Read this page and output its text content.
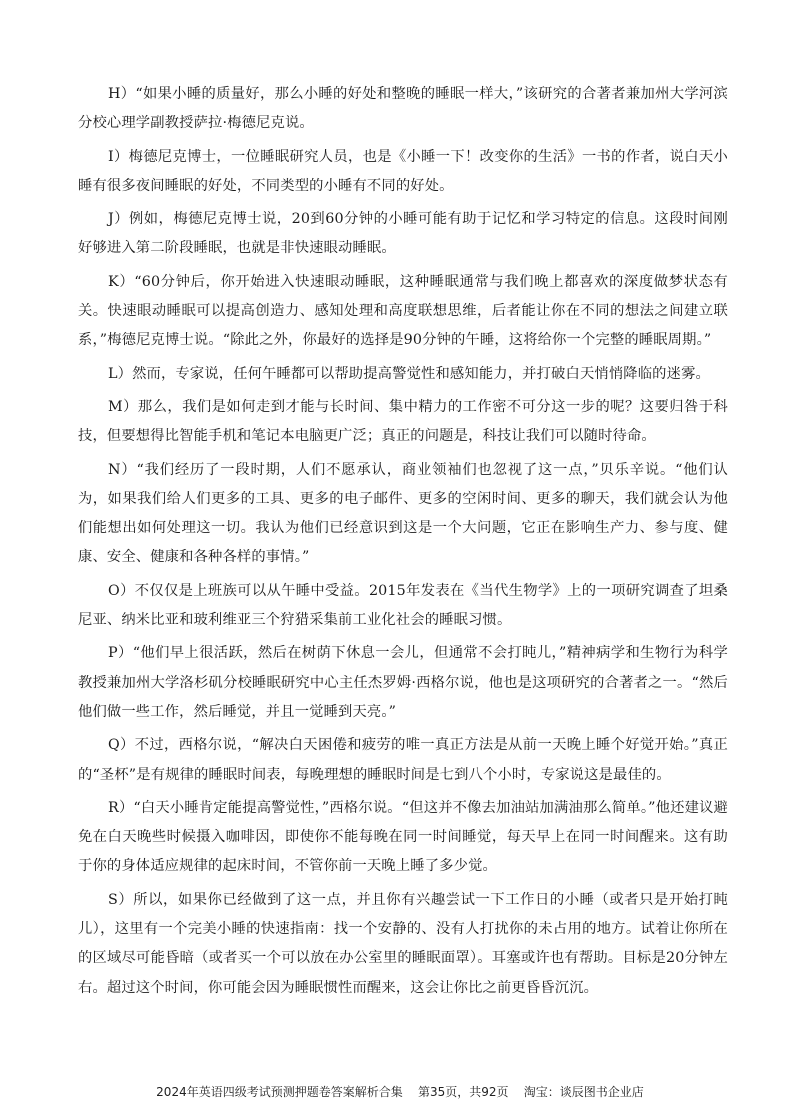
H）“如果小睡的质量好，那么小睡的好处和整晚的睡眠一样大，”该研究的合著者兼加州大学河滨分校心理学副教授萨拉·梅德尼克说。

I）梅德尼克博士，一位睡眠研究人员，也是《小睡一下！改变你的生活》一书的作者，说白天小睡有很多夜间睡眠的好处，不同类型的小睡有不同的好处。

J）例如，梅德尼克博士说，20到60分钟的小睡可能有助于记忆和学习特定的信息。这段时间刚好够进入第二阶段睡眠，也就是非快速眼动睡眠。

K）“60分钟后，你开始进入快速眼动睡眠，这种睡眠通常与我们晚上都喜欢的深度做梦状态有关。快速眼动睡眠可以提高创造力、感知处理和高度联想思维，后者能让你在不同的想法之间建立联系，”梅德尼克博士说。“除此之外，你最好的选择是90分钟的午睡，这将给你一个完整的睡眠周期。”

L）然而，专家说，任何午睡都可以帮助提高警觉性和感知能力，并打破白天悄悄降临的迷雾。

M）那么，我们是如何走到才能与长时间、集中精力的工作密不可分这一步的呢？这要归咎于科技，但要想得比智能手机和笔记本电脑更广泛；真正的问题是，科技让我们可以随时待命。

N）“我们经历了一段时期，人们不愿承认，商业领袖们也忽视了这一点，”贝乐辛说。“他们认为，如果我们给人们更多的工具、更多的电子邮件、更多的空闲时间、更多的聊天，我们就会认为他们能想出如何处理这一切。我认为他们已经意识到这是一个大问题，它正在影响生产力、参与度、健康、安全、健康和各种各样的事情。”

O）不仅仅是上班族可以从午睡中受益。2015年发表在《当代生物学》上的一项研究调查了坦桑尼亚、纳米比亚和玻利维亚三个狩猎采集前工业化社会的睡眠习惯。

P）“他们早上很活跃，然后在树荫下休息一会儿，但通常不会打盹儿，”精神病学和生物行为科学教授兼加州大学洛杉矶分校睡眠研究中心主任杰罗姆·西格尔说，他也是这项研究的合著者之一。“然后他们做一些工作，然后睡觉，并且一觉睡到天亮。”

Q）不过，西格尔说，“解决白天困倦和疲劳的唯一真正方法是从前一天晚上睡个好觉开始。”真正的“圣杯”是有规律的睡眠时间表，每晚理想的睡眠时间是七到八个小时，专家说这是最佳的。

R）“白天小睡肯定能提高警觉性，”西格尔说。“但这并不像去加油站加满油那么简单。”他还建议避免在白天晚些时候摄入咖啡因，即使你不能每晚在同一时间睡觉，每天早上在同一时间醒来。这有助于你的身体适应规律的起床时间，不管你前一天晚上睡了多少觉。

S）所以，如果你已经做到了这一点，并且你有兴趣尝试一下工作日的小睡（或者只是开始打盹儿），这里有一个完美小睡的快速指南：找一个安静的、没有人打扰你的未占用的地方。试着让你所在的区域尽可能昏暗（或者买一个可以放在办公室里的睡眠面罩）。耳塞或许也有帮助。目标是20分钟左右。超过这个时间，你可能会因为睡眠惯性而醒来，这会让你比之前更昏昏沉沉。

2024年英语四级考试预测押题卷答案解析合集 第35页，共92页 淘宝：谈辰图书企业店
